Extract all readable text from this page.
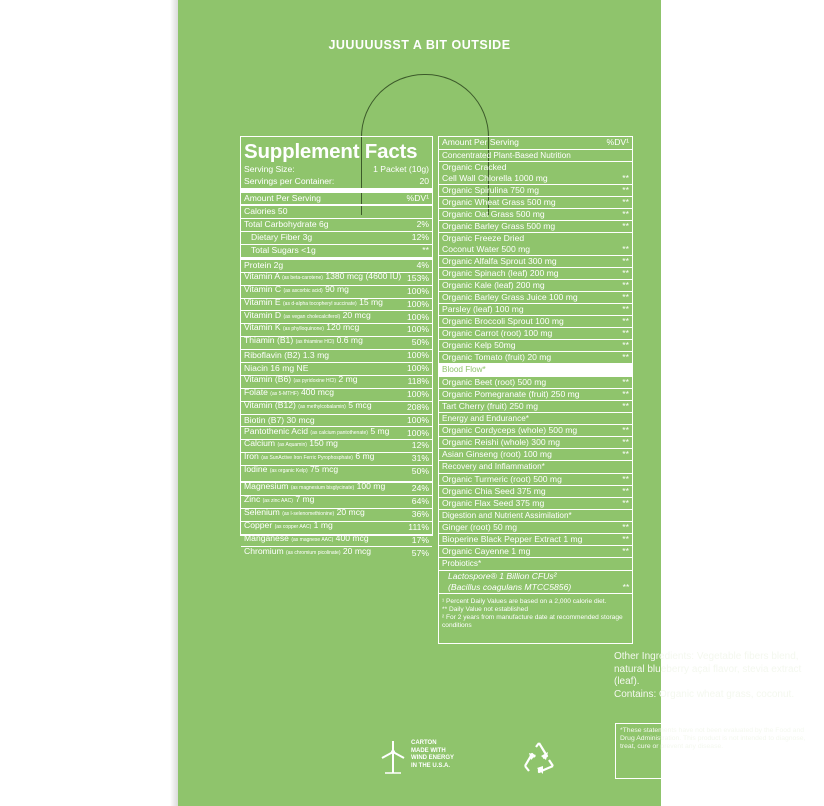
JUUUUUSST A BIT OUTSIDE
Supplement Facts
Serving Size:	1 Packet (10g)
Servings per Container:	20
Amount Per Serving	%DV¹
Calories 50
Total Carbohydrate 6g	2%
Dietary Fiber 3g	12%
Total Sugars <1g	**
Protein 2g	4%
Vitamin A (as beta-carotene) 1380 mcg (4600 IU) 153%
Vitamin C (as ascorbic acid) 90 mg	100%
Vitamin E (as d-alpha tocopheryl succinate) 15 mg	100%
Vitamin D (as vegan cholecalciferol) 20 mcg	100%
Vitamin K (as phylloquinone) 120 mcg	100%
Thiamin (B1) (as thiamine HCl) 0.6 mg	50%
Riboflavin (B2) 1.3 mg	100%
Niacin 16 mg NE	100%
Vitamin (B6) (as pyridoxine HCl) 2 mg	118%
Folate (as 5-MTHF) 400 mcg	100%
Vitamin (B12) (as methylcobalamin) 5 mcg	208%
Biotin (B7) 30 mcg	100%
Pantothenic Acid (as calcium pantothenate) 5 mg 100%
Calcium (as Aquamin) 150 mg	12%
Iron (as SunActive Iron Ferric Pyrophosphate) 6 mg	31%
Iodine (as organic Kelp) 75 mcg	50%
Magnesium (as magnesium bisglycinate) 100 mg	24%
Zinc (as zinc AAC) 7 mg	64%
Selenium (as l-selenomethionine) 20 mcg	36%
Copper (as copper AAC) 1 mg	111%
Manganese (as magnese AAC) 400 mcg	17%
Chromium (as chromium picolinate) 20 mcg	57%
Amount Per Serving	%DV¹
Concentrated Plant-Based Nutrition
Organic Cracked
Cell Wall Chlorella 1000 mg	**
Organic Spirulina 750 mg	**
Organic Wheat Grass 500 mg	**
Organic Oat Grass 500 mg	**
Organic Barley Grass 500 mg	**
Organic Freeze Dried
Coconut Water 500 mg	**
Organic Alfalfa Sprout 300 mg	**
Organic Spinach (leaf) 200 mg	**
Organic Kale (leaf) 200 mg	**
Organic Barley Grass Juice 100 mg	**
Parsley (leaf) 100 mg	**
Organic Broccoli Sprout 100 mg	**
Organic Carrot (root) 100 mg	**
Organic Kelp 50mg	**
Organic Tomato (fruit) 20 mg	**
Blood Flow*
Organic Beet (root) 500 mg	**
Organic Pomegranate (fruit) 250 mg	**
Tart Cherry (fruit) 250 mg	**
Energy and Endurance*
Organic Cordyceps (whole) 500 mg	**
Organic Reishi (whole) 300 mg	**
Asian Ginseng (root) 100 mg	**
Recovery and Inflammation*
Organic Turmeric (root) 500 mg	**
Organic Chia Seed 375 mg	**
Organic Flax Seed 375 mg	**
Digestion and Nutrient Assimilation*
Ginger (root) 50 mg	**
Bioperine Black Pepper Extract 1 mg	**
Organic Cayenne 1 mg	**
Probiotics*
Lactospore® 1 Billion CFUs²
(Bacillus coagulans MTCC5856)	**
¹ Percent Daily Values are based on a 2,000 calorie diet.
** Daily Value not established
² For 2 years from manufacture date at recommended storage conditions
Other Ingredients: Vegetable fibers blend, natural blueberry açai flavor, stevia extract (leaf).
Contains: Organic wheat grass, coconut.
*These statements have not been evaluated by the Food and Drug Administration. This product is not intended to diagnose, treat, cure or prevent any disease.
CARTON
MADE WITH
WIND ENERGY
IN THE U.S.A.
